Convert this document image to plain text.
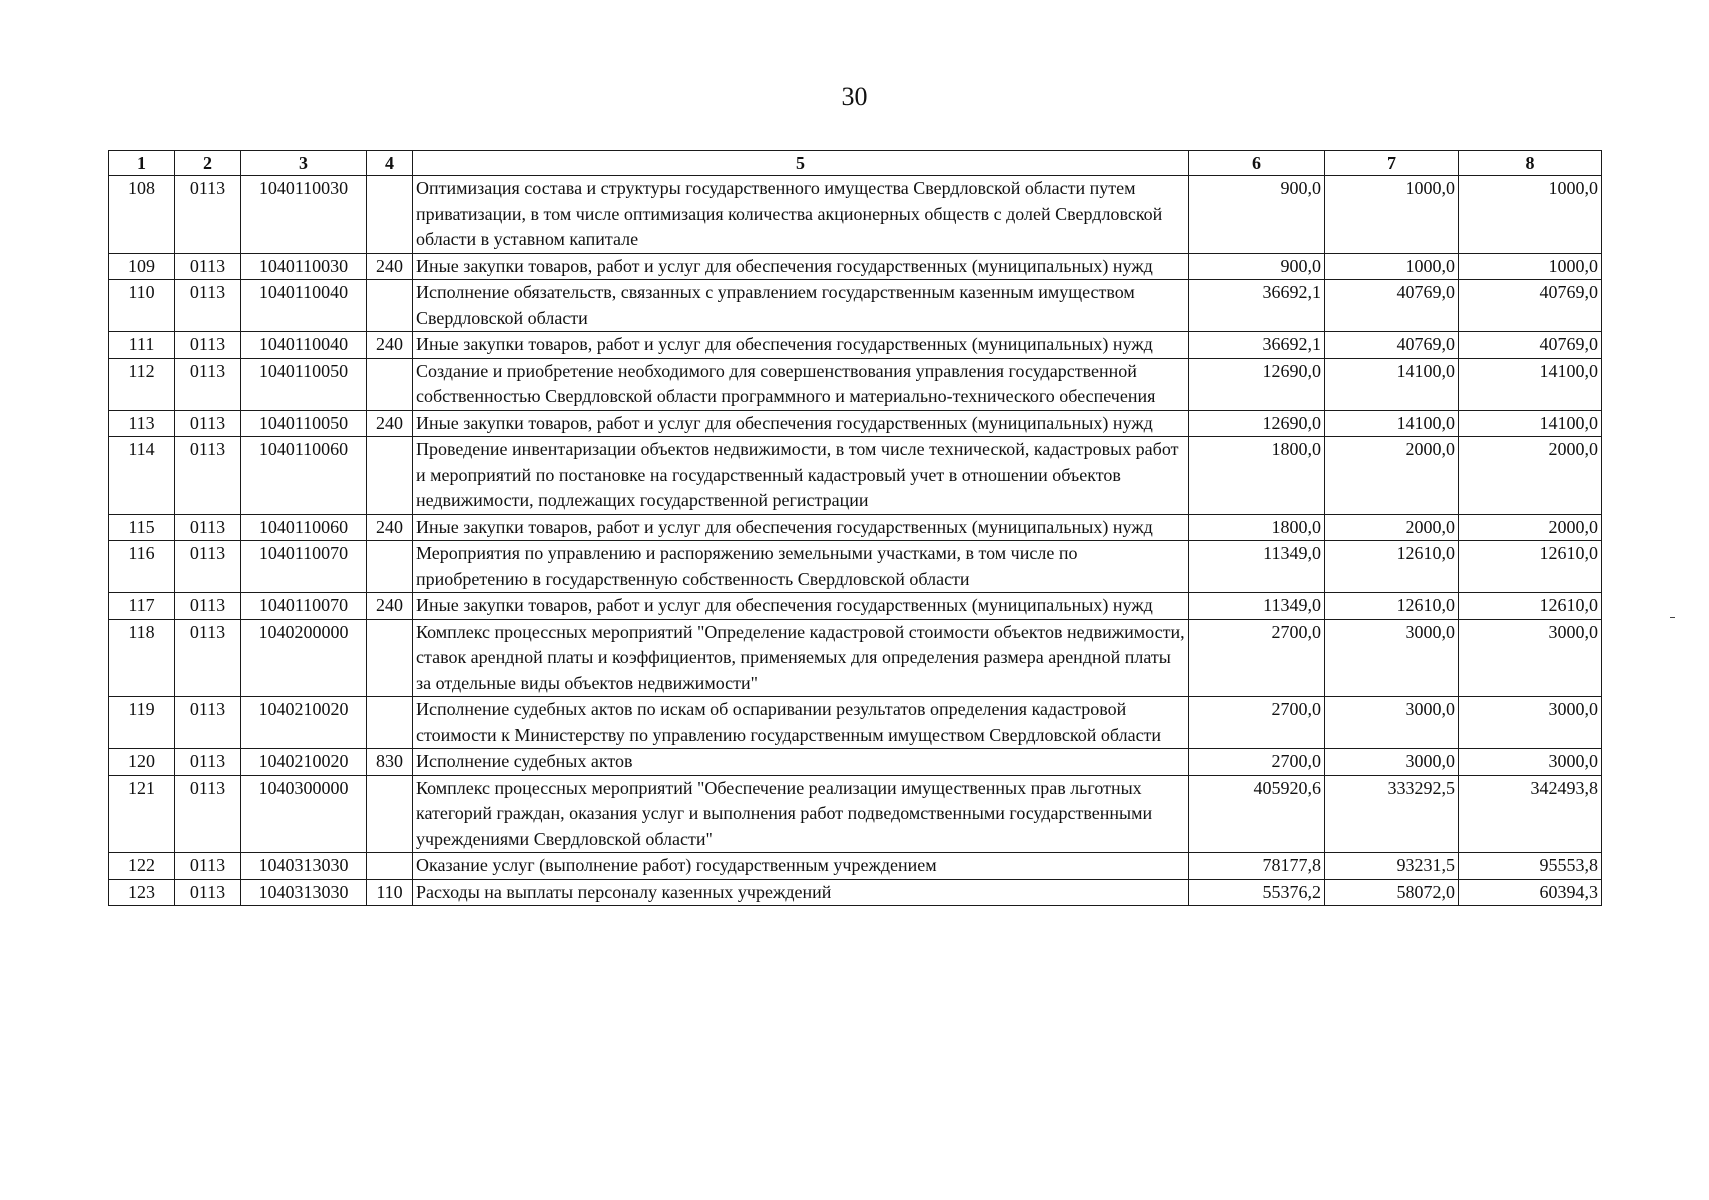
30
1	2	3	4	5	6	7	8
108	0113	1040110030		Оптимизация состава и структуры государственного имущества Свердловской области путем приватизации, в том числе оптимизация количества акционерных обществ с долей Свердловской области в уставном капитале	900,0	1000,0	1000,0
109	0113	1040110030	240	Иные закупки товаров, работ и услуг для обеспечения государственных (муниципальных) нужд	900,0	1000,0	1000,0
110	0113	1040110040		Исполнение обязательств, связанных с управлением государственным казенным имуществом Свердловской области	36692,1	40769,0	40769,0
111	0113	1040110040	240	Иные закупки товаров, работ и услуг для обеспечения государственных (муниципальных) нужд	36692,1	40769,0	40769,0
112	0113	1040110050		Создание и приобретение необходимого для совершенствования управления государственной собственностью Свердловской области программного и материально-технического обеспечения	12690,0	14100,0	14100,0
113	0113	1040110050	240	Иные закупки товаров, работ и услуг для обеспечения государственных (муниципальных) нужд	12690,0	14100,0	14100,0
114	0113	1040110060		Проведение инвентаризации объектов недвижимости, в том числе технической, кадастровых работ и мероприятий по постановке на государственный кадастровый учет в отношении объектов недвижимости, подлежащих государственной регистрации	1800,0	2000,0	2000,0
115	0113	1040110060	240	Иные закупки товаров, работ и услуг для обеспечения государственных (муниципальных) нужд	1800,0	2000,0	2000,0
116	0113	1040110070		Мероприятия по управлению и распоряжению земельными участками, в том числе по приобретению в государственную собственность Свердловской области	11349,0	12610,0	12610,0
117	0113	1040110070	240	Иные закупки товаров, работ и услуг для обеспечения государственных (муниципальных) нужд	11349,0	12610,0	12610,0
118	0113	1040200000		Комплекс процессных мероприятий "Определение кадастровой стоимости объектов недвижимости, ставок арендной платы и коэффициентов, применяемых для определения размера арендной платы за отдельные виды объектов недвижимости"	2700,0	3000,0	3000,0
119	0113	1040210020		Исполнение судебных актов по искам об оспаривании результатов определения кадастровой стоимости к Министерству по управлению государственным имуществом Свердловской области	2700,0	3000,0	3000,0
120	0113	1040210020	830	Исполнение судебных актов	2700,0	3000,0	3000,0
121	0113	1040300000		Комплекс процессных мероприятий "Обеспечение реализации имущественных прав льготных категорий граждан, оказания услуг и выполнения работ подведомственными государственными учреждениями Свердловской области"	405920,6	333292,5	342493,8
122	0113	1040313030		Оказание услуг (выполнение работ) государственным учреждением	78177,8	93231,5	95553,8
123	0113	1040313030	110	Расходы на выплаты персоналу казенных учреждений	55376,2	58072,0	60394,3
